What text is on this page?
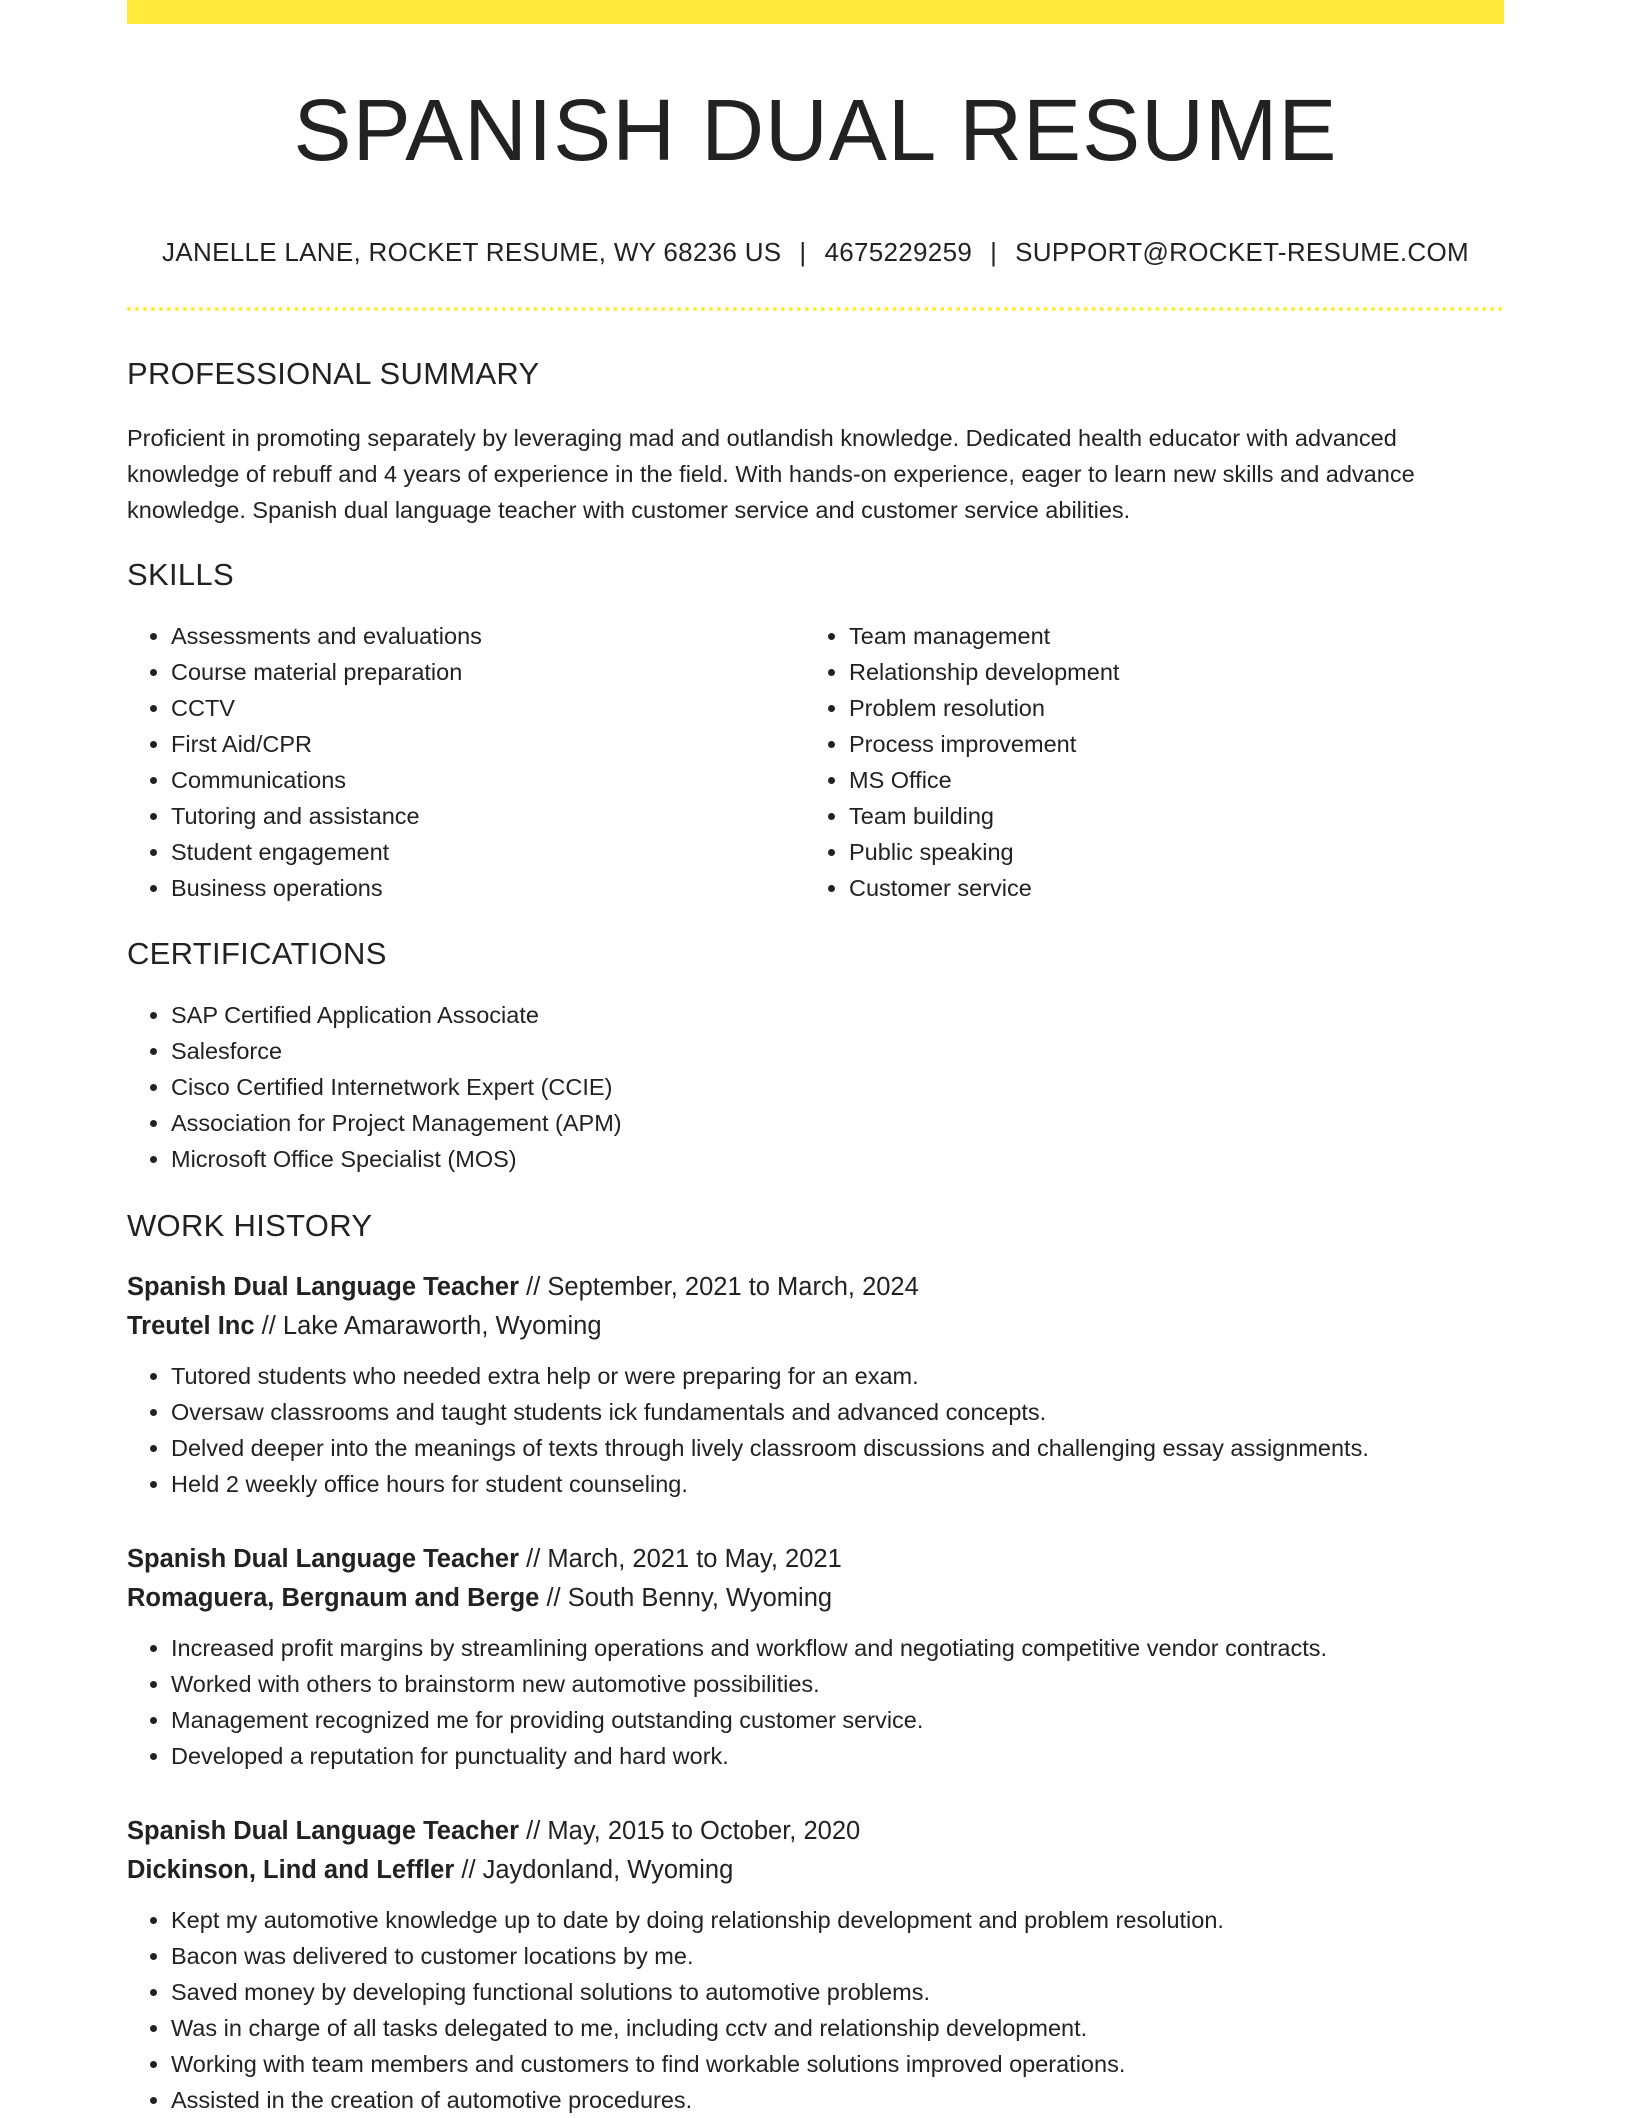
SPANISH DUAL RESUME
JANELLE LANE, ROCKET RESUME, WY 68236 US | 4675229259 | SUPPORT@ROCKET-RESUME.COM
PROFESSIONAL SUMMARY

Proficient in promoting separately by leveraging mad and outlandish knowledge. Dedicated health educator with advanced knowledge of rebuff and 4 years of experience in the field. With hands-on experience, eager to learn new skills and advance knowledge. Spanish dual language teacher with customer service and customer service abilities.

SKILLS
• Assessments and evaluations
• Course material preparation
• CCTV
• First Aid/CPR
• Communications
• Tutoring and assistance
• Student engagement
• Business operations
• Team management
• Relationship development
• Problem resolution
• Process improvement
• MS Office
• Team building
• Public speaking
• Customer service
CERTIFICATIONS
• SAP Certified Application Associate
• Salesforce
• Cisco Certified Internetwork Expert (CCIE)
• Association for Project Management (APM)
• Microsoft Office Specialist (MOS)
WORK HISTORY
Spanish Dual Language Teacher // September, 2021 to March, 2024
Treutel Inc // Lake Amaraworth, Wyoming
• Tutored students who needed extra help or were preparing for an exam.
• Oversaw classrooms and taught students ick fundamentals and advanced concepts.
• Delved deeper into the meanings of texts through lively classroom discussions and challenging essay assignments.
• Held 2 weekly office hours for student counseling.
Spanish Dual Language Teacher // March, 2021 to May, 2021
Romaguera, Bergnaum and Berge // South Benny, Wyoming
• Increased profit margins by streamlining operations and workflow and negotiating competitive vendor contracts.
• Worked with others to brainstorm new automotive possibilities.
• Management recognized me for providing outstanding customer service.
• Developed a reputation for punctuality and hard work.
Spanish Dual Language Teacher // May, 2015 to October, 2020
Dickinson, Lind and Leffler // Jaydonland, Wyoming
• Kept my automotive knowledge up to date by doing relationship development and problem resolution.
• Bacon was delivered to customer locations by me.
• Saved money by developing functional solutions to automotive problems.
• Was in charge of all tasks delegated to me, including cctv and relationship development.
• Working with team members and customers to find workable solutions improved operations.
• Assisted in the creation of automotive procedures.
